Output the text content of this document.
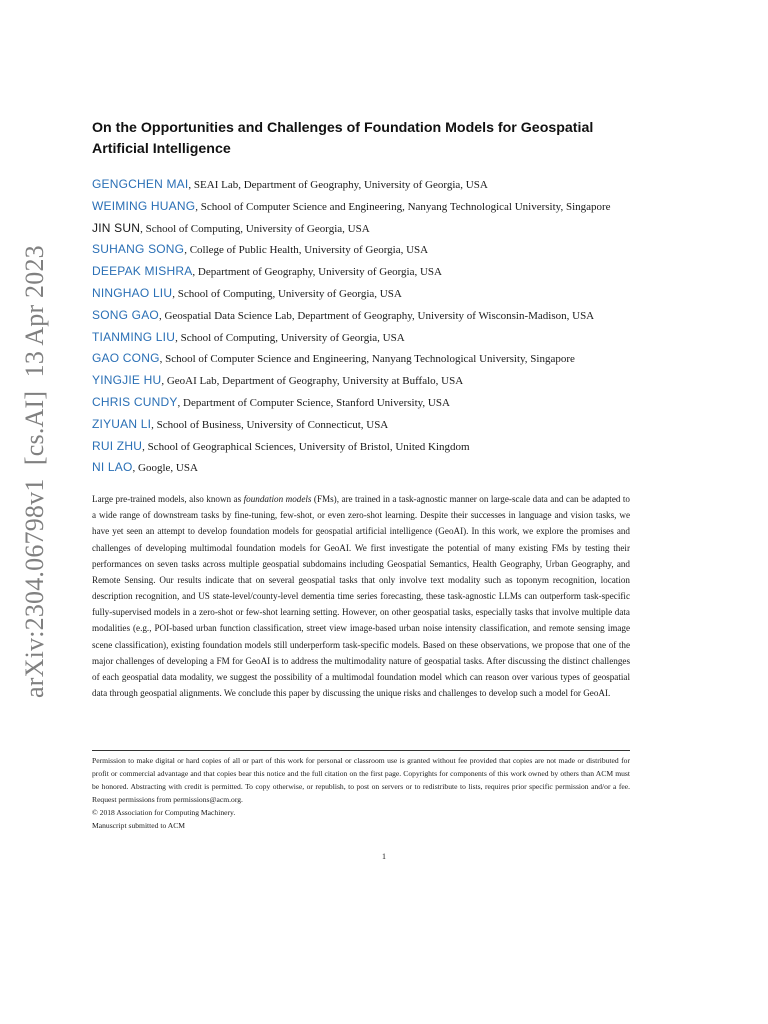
arXiv:2304.06798v1  [cs.AI]  13 Apr 2023
On the Opportunities and Challenges of Foundation Models for Geospatial Artificial Intelligence
GENGCHEN MAI, SEAI Lab, Department of Geography, University of Georgia, USA
WEIMING HUANG, School of Computer Science and Engineering, Nanyang Technological University, Singapore
JIN SUN, School of Computing, University of Georgia, USA
SUHANG SONG, College of Public Health, University of Georgia, USA
DEEPAK MISHRA, Department of Geography, University of Georgia, USA
NINGHAO LIU, School of Computing, University of Georgia, USA
SONG GAO, Geospatial Data Science Lab, Department of Geography, University of Wisconsin-Madison, USA
TIANMING LIU, School of Computing, University of Georgia, USA
GAO CONG, School of Computer Science and Engineering, Nanyang Technological University, Singapore
YINGJIE HU, GeoAI Lab, Department of Geography, University at Buffalo, USA
CHRIS CUNDY, Department of Computer Science, Stanford University, USA
ZIYUAN LI, School of Business, University of Connecticut, USA
RUI ZHU, School of Geographical Sciences, University of Bristol, United Kingdom
NI LAO, Google, USA

Large pre-trained models, also known as foundation models (FMs), are trained in a task-agnostic manner on large-scale data and can be adapted to a wide range of downstream tasks by fine-tuning, few-shot, or even zero-shot learning. Despite their successes in language and vision tasks, we have yet seen an attempt to develop foundation models for geospatial artificial intelligence (GeoAI). In this work, we explore the promises and challenges of developing multimodal foundation models for GeoAI. We first investigate the potential of many existing FMs by testing their performances on seven tasks across multiple geospatial subdomains including Geospatial Semantics, Health Geography, Urban Geography, and Remote Sensing. Our results indicate that on several geospatial tasks that only involve text modality such as toponym recognition, location description recognition, and US state-level/county-level dementia time series forecasting, these task-agnostic LLMs can outperform task-specific fully-supervised models in a zero-shot or few-shot learning setting. However, on other geospatial tasks, especially tasks that involve multiple data modalities (e.g., POI-based urban function classification, street view image-based urban noise intensity classification, and remote sensing image scene classification), existing foundation models still underperform task-specific models. Based on these observations, we propose that one of the major challenges of developing a FM for GeoAI is to address the multimodality nature of geospatial tasks. After discussing the distinct challenges of each geospatial data modality, we suggest the possibility of a multimodal foundation model which can reason over various types of geospatial data through geospatial alignments. We conclude this paper by discussing the unique risks and challenges to develop such a model for GeoAI.

Permission to make digital or hard copies of all or part of this work for personal or classroom use is granted without fee provided that copies are not made or distributed for profit or commercial advantage and that copies bear this notice and the full citation on the first page. Copyrights for components of this work owned by others than ACM must be honored. Abstracting with credit is permitted. To copy otherwise, or republish, to post on servers or to redistribute to lists, requires prior specific permission and/or a fee. Request permissions from permissions@acm.org.

© 2018 Association for Computing Machinery.

Manuscript submitted to ACM

1
